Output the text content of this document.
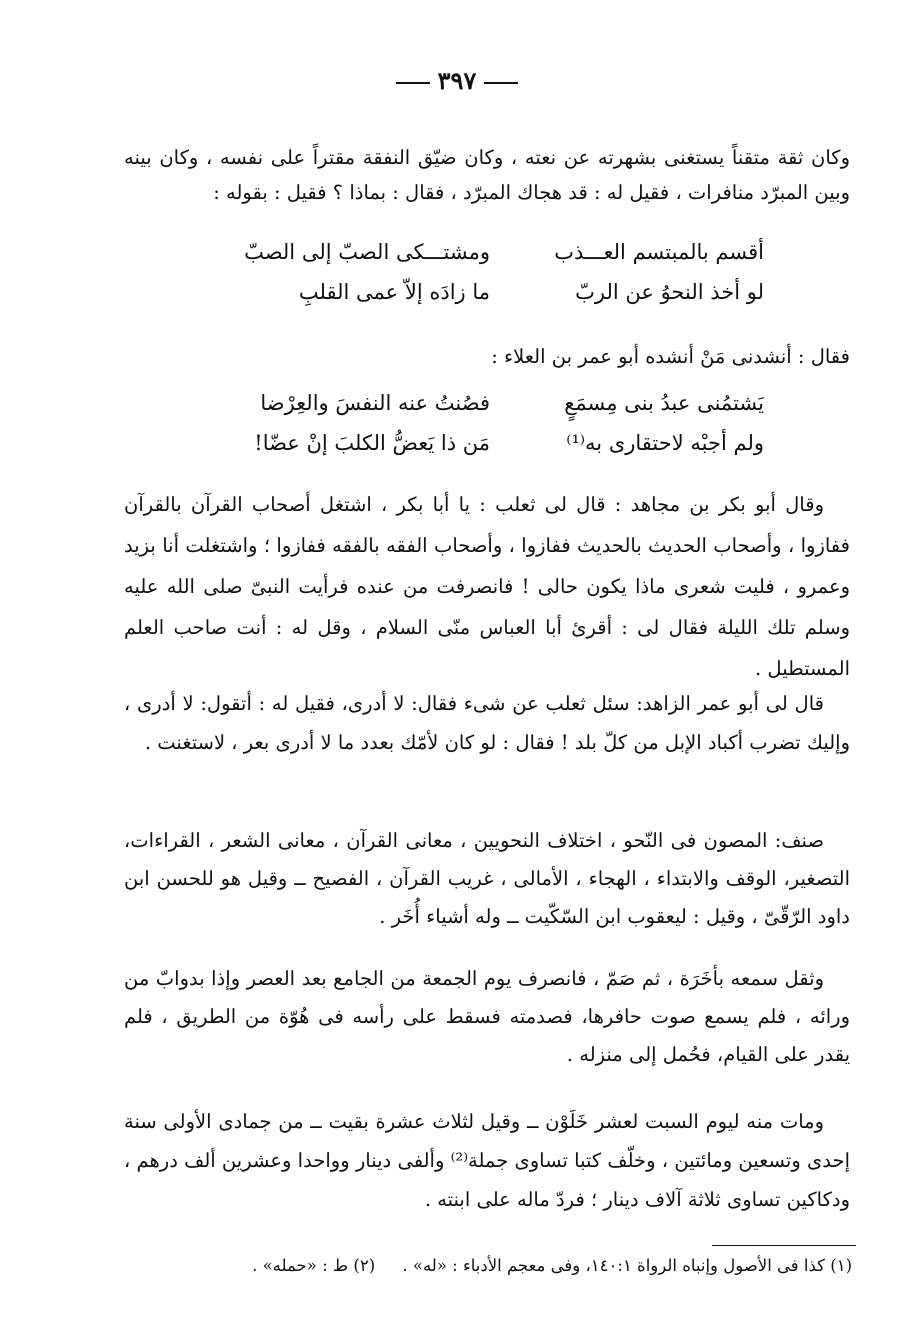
٣٩٧

وكان ثقة متقناً يستغنى بشهرته عن نعته ، وكان ضيّق النفقة مقتراً على نفسه ، وكان بينه وبين المبرّد منافرات ، فقيل له : قد هجاك المبرّد ، فقال : بماذا ؟ فقيل : بقوله :

أقسم بالمبتسم العـــذب
ومشتـــكى الصبّ إلى الصبّ
لو أخذ النحوُ عن الربّ
ما زادَه إلاّ عمى القلبِ

فقال : أنشدنى مَنْ أنشده أبو عمر بن العلاء :

يَشتمُنى عبدُ بنى مِسمَعٍ
فصُنتُ عنه النفسَ والعِرْضا
ولم أجبْه لاحتقارى به⁽¹⁾
مَن ذا يَعضُّ الكلبَ إنْ عضّا!

وقال أبو بكر بن مجاهد : قال لى ثعلب : يا أبا بكر ، اشتغل أصحاب القرآن بالقرآن ففازوا ، وأصحاب الحديث بالحديث ففازوا ، وأصحاب الفقه بالفقه ففازوا ؛ واشتغلت أنا بزيد وعمرو ، فليت شعرى ماذا يكون حالى ! فانصرفت من عنده فرأيت النبىّ صلى الله عليه وسلم تلك الليلة فقال لى : أقرئ أبا العباس منّى السلام ، وقل له : أنت صاحب العلم المستطيل .

قال لى أبو عمر الزاهد: سئل ثعلب عن شىء فقال: لا أدرى، فقيل له : أتقول: لا أدرى ، وإليك تضرب أكباد الإبل من كلّ بلد ! فقال : لو كان لأمّك بعدد ما لا أدرى بعر ، لاستغنت .

صنف: المصون فى النّحو ، اختلاف النحويين ، معانى القرآن ، معانى الشعر ، القراءات، التصغير، الوقف والابتداء ، الهجاء ، الأمالى ، غريب القرآن ، الفصيح ــ وقيل هو للحسن ابن داود الرّقّىّ ، وقيل : ليعقوب ابن السّكّيت ــ وله أشياء أُخَر .

وثقل سمعه بأخَرَة ، ثم صَمّ ، فانصرف يوم الجمعة من الجامع بعد العصر وإذا بدوابّ من ورائه ، فلم يسمع صوت حافرها، فصدمته فسقط على رأسه فى هُوّة من الطريق ، فلم يقدر على القيام، فحُمل إلى منزله .

ومات منه ليوم السبت لعشر خَلَوْن ــ وقيل لثلاث عشرة بقيت ــ من جمادى الأولى سنة إحدى وتسعين ومائتين ، وخلّف كتبا تساوى جملة⁽²⁾ وألفى دينار وواحدا وعشرين ألف درهم ، ودكاكين تساوى ثلاثة آلاف دينار ؛ فردّ ماله على ابنته .

(١) كذا فى الأصول وإنباه الرواة ١٤٠:١، وفى معجم الأدباء : «له» . (٢) ط : «حمله» .
